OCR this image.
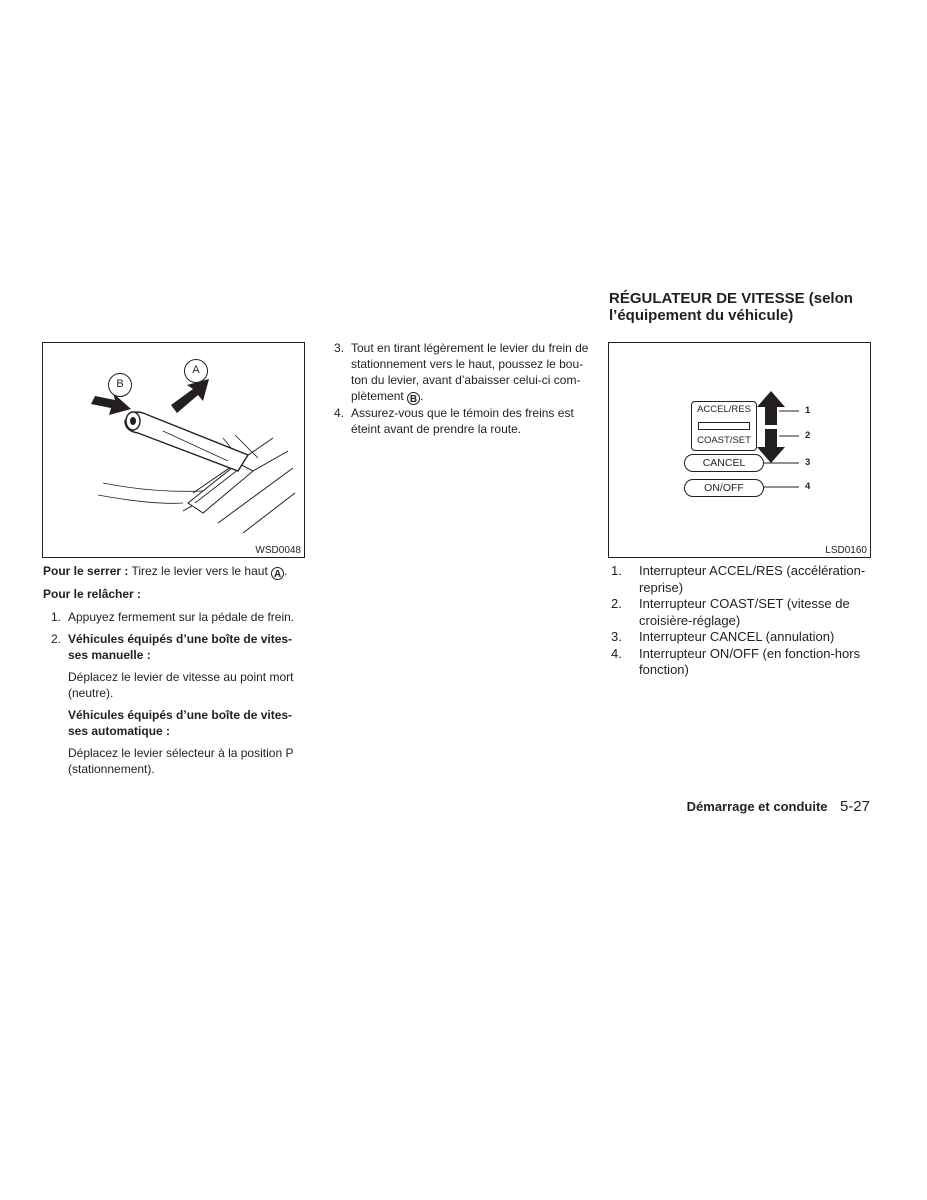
A
B
WSD0048
Pour le serrer : Tirez le levier vers le haut A .
Pour le relâcher :
1. Appuyez fermement sur la pédale de frein.
2. Véhicules équipés d’une boîte de vites-
ses manuelle :
Déplacez le levier de vitesse au point mort
(neutre).
Véhicules équipés d’une boîte de vites-
ses automatique :
Déplacez le levier sélecteur à la position P
(stationnement).
3. Tout en tirant légèrement le levier du frein de
stationnement vers le haut, poussez le bou-
ton du levier, avant d’abaisser celui-ci com-
plètement B .
4. Assurez-vous que le témoin des freins est
éteint avant de prendre la route.
RÉGULATEUR DE VITESSE (selon
l’équipement du véhicule)
ACCEL/RES
COAST/SET
CANCEL
ON/OFF
1
2
3
4
LSD0160
1. Interrupteur ACCEL/RES (accélération-
reprise)
2. Interrupteur COAST/SET (vitesse de
croisière-réglage)
3. Interrupteur CANCEL (annulation)
4. Interrupteur ON/OFF (en fonction-hors
fonction)
Démarrage et conduite 5-27
